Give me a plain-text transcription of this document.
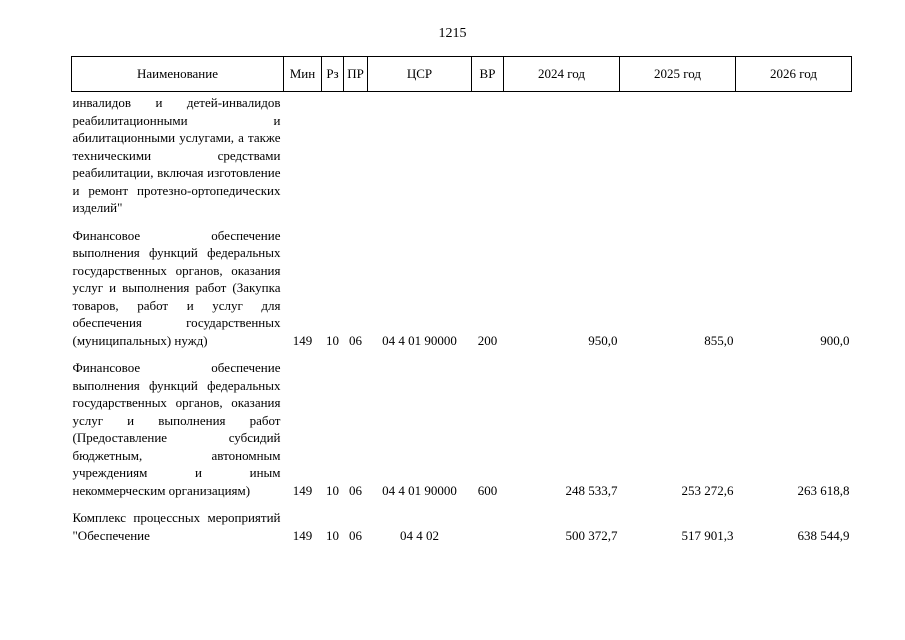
1215
Наименование	Мин	Рз	ПР	ЦСР	ВР	2024 год	2025 год	2026 год
инвалидов и детей-инвалидов реабилитационными и абилитационными услугами, а также техническими средствами реабилитации, включая изготовление и ремонт протезно-ортопедических изделий"								
Финансовое обеспечение выполнения функций федеральных государственных органов, оказания услуг и выполнения работ (Закупка товаров, работ и услуг для обеспечения государственных (муниципальных) нужд)	149	10	06	04 4 01 90000	200	950,0	855,0	900,0
Финансовое обеспечение выполнения функций федеральных государственных органов, оказания услуг и выполнения работ (Предоставление субсидий бюджетным, автономным учреждениям и иным некоммерческим организациям)	149	10	06	04 4 01 90000	600	248 533,7	253 272,6	263 618,8
Комплекс процессных мероприятий "Обеспечение	149	10	06	04 4 02		500 372,7	517 901,3	638 544,9
